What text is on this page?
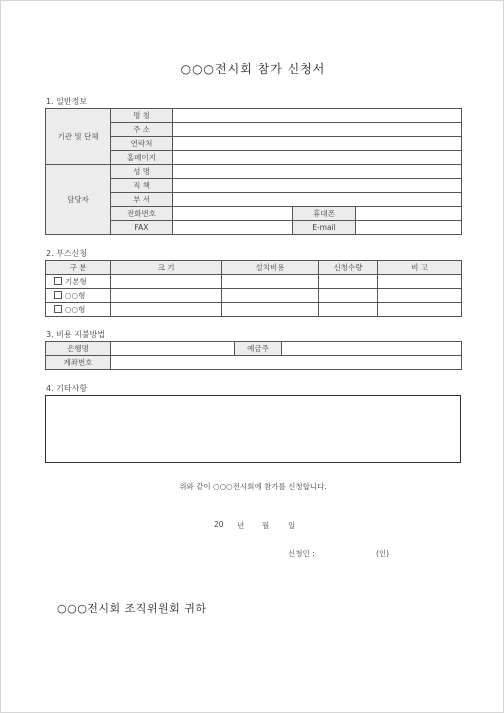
○○○전시회 참가 신청서
1. 일반정보
기관 및 단체	명 칭			
	주 소			
	연락처			
	홈페이지			
담당자	성 명			
	직 책			
	부 서			
	전화번호		휴대폰	
	FAX		E-mail	
2. 부스신청
구 분	크 기	설치비용	신청수량	비 고
기본형				
○○형				
○○형				
3. 비용 지불방법
은행명		예금주	
계좌번호			
4. 기타사항
위와 같이 ○○○전시회에 참가를 신청합니다.
20 년 월	일
신청인 :	(인)
○○○전시회 조직위원회 귀하
